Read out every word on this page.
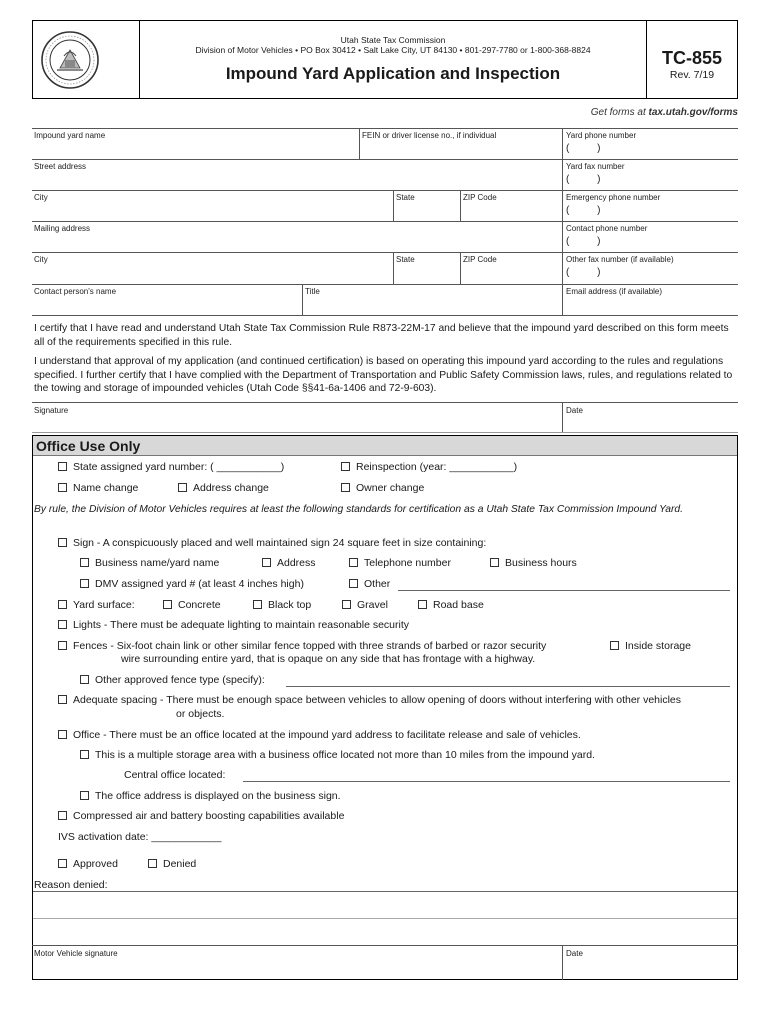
Utah State Tax Commission
Division of Motor Vehicles • PO Box 30412 • Salt Lake City, UT 84130 • 801-297-7780 or 1-800-368-8824
Impound Yard Application and Inspection
TC-855
Rev. 7/19
Get forms at tax.utah.gov/forms
Impound yard name	FEIN or driver license no., if individual	Yard phone number
(          )
Street address	Yard fax number
(          )
City	State	ZIP Code	Emergency phone number
(          )
Mailing address	Contact phone number
(          )
City	State	ZIP Code	Other fax number (if available)
(          )
Contact person's name	Title	Email address (if available)
I certify that I have read and understand Utah State Tax Commission Rule R873-22M-17 and believe that the impound yard described on this form meets all of the requirements specified in this rule.
I understand that approval of my application (and continued certification) is based on operating this impound yard according to the rules and regulations specified. I further certify that I have complied with the Department of Transportation and Public Safety Commission laws, rules, and regulations related to the towing and storage of impounded vehicles (Utah Code §§41-6a-1406 and 72-9-603).
Signature	Date
Office Use Only
State assigned yard number: ( ___________)	Reinspection (year: ___________)
Name change	Address change	Owner change
By rule, the Division of Motor Vehicles requires at least the following standards for certification as a Utah State Tax Commission Impound Yard.
Sign - A conspicuously placed and well maintained sign 24 square feet in size containing:
Business name/yard name	Address	Telephone number	Business hours
DMV assigned yard # (at least 4 inches high)	Other
Yard surface:	Concrete	Black top	Gravel	Road base
Lights - There must be adequate lighting to maintain reasonable security
Fences - Six-foot chain link or other similar fence topped with three strands of barbed or razor security
wire surrounding entire yard, that is opaque on any side that has frontage with a highway.
Inside storage
Other approved fence type (specify):
Adequate spacing - There must be enough space between vehicles to allow opening of doors without interfering with other vehicles
or objects.
Office - There must be an office located at the impound yard address to facilitate release and sale of vehicles.
This is a multiple storage area with a business office located not more than 10 miles from the impound yard.
Central office located:
The office address is displayed on the business sign.
Compressed air and battery boosting capabilities available
IVS activation date: ____________
Approved	Denied
Reason denied:
Motor Vehicle signature	Date
